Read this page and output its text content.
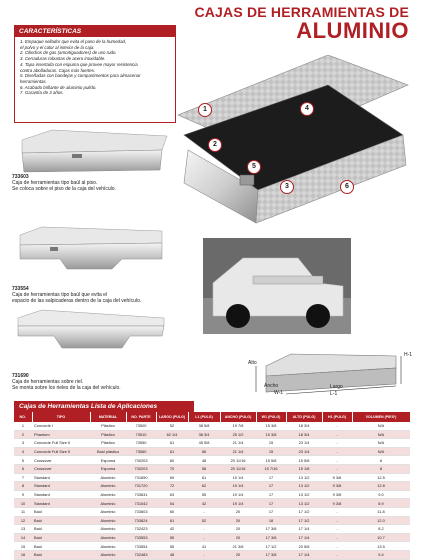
CAJAS DE HERRAMIENTAS DE
ALUMINIO
CARACTERÍSTICAS
1. Empaque sellador que evita el paso de la humedad,
el polvo y el calor al interior de la caja.
2. Cilindros de gas (amortiguadores) de uso rudo.
3. Cerraduras robustas de acero inoxidable.
4. Tapa insertada con espuma que provee mayor resistencia
contra abolladuras. Cajas más fuertes.
5. Diseñadas con bandejas y compartimentos para almacenar
herramientas.
6. Acabado brillante de aluminio pulido.
7. Garantía de 3 años.
733603
Caja de herramientas tipo baúl al piso.
Se coloca sobre el piso de la caja del vehículo.
733554
Caja de herramientas tipo baúl que evita el
espacio de las salpicaderas dentro de la caja del vehículo.
731690
Caja de herramientas sobre riel.
Se monta sobre los rieles de la caja del vehículo.
1
2
3
4
5
6
Alto
H-1
Ancho
W-1
Largo
L-1
Cajas de Herramientas Lista de Aplicaciones
NO.	TIPO	MATERIAL	NO. PARTE	LARGO (PULG)	L1 (PULG)	ANCHO (PULG)	W1 (PULG)	ALTO (PULG)	H1 (PULG)	VOLUMEN (PIES³)
1	Concorde I	Plástico	73500	52	38 5/8	19 7/8	15 3/8	18 3/4	-	N/A
2	Phantom	Plástico	73510	62 1/4	38 3/4	25 1/2	15 3/8	18 3/4	-	N/A
3	Concorde Full Size II	Plástico	73550	61	45 5/8	21 1/4	15	23 1/4	-	N/A
4	Concorde Full Size II	Baúl plástico	73560	61	56	21 1/4	15	23 1/4	-	N/A
5	Crossover	Espuma	730203	60	48	20 11/16	15 5/8	15 5/8	-	6
6	Crossover	Espuma	730203	70	58	20 11/16	15 7/16	15 1/8	-	8
7	Standard	Aluminio	731690	69	61	19 1/4	17	13 1/2	9 3/8	12.5
8	Standard	Aluminio	731720	72	62	19 1/4	17	13 1/2	9 3/8	12.8
9	Standard	Aluminio	733631	63	55	19 1/4	17	13 1/2	9 3/8	9.0
10	Standard	Aluminio	731542	54	42	19 1/4	17	13 1/2	9 3/8	8.9
11	Baúl	Aluminio	733603	60	-	20	17	17 1/2	-	11.8
12	Baúl	Aluminio	733624	61	52	20	18	17 1/2	-	12.0
13	Baúl	Aluminio	732423	42	-	20	17 3/8	17 1/4	-	8.2
14	Baúl	Aluminio	733553	55	-	20	17 3/8	17 1/4	-	10.7
15	Baúl	Aluminio	733554	55	41	21 3/8	17 1/2	20 5/8	-	13.5
16	Baúl	Aluminio	732483	48	-	20	17 3/8	17 1/4	-	9.4
